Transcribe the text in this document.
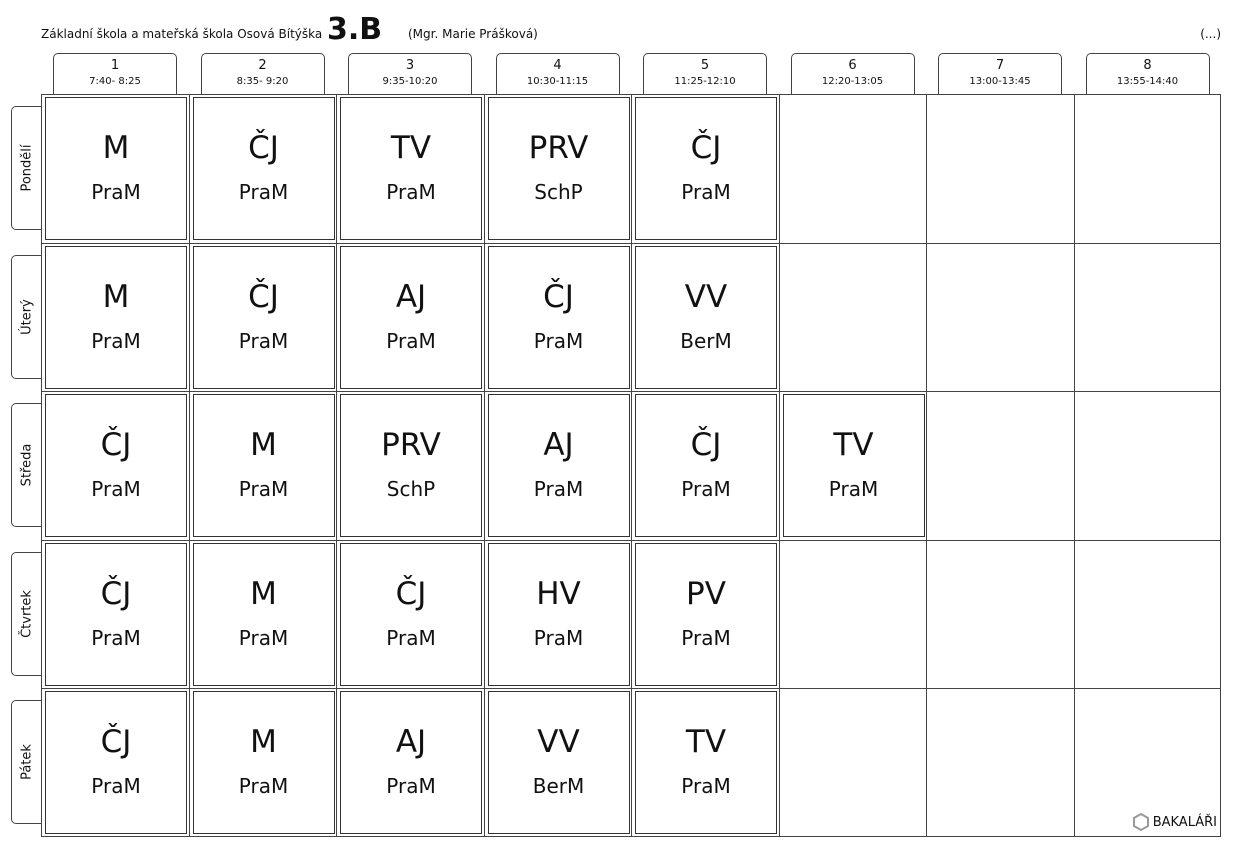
Základní škola a mateřská škola Osová Bítýška 3.B (Mgr. Marie Prášková)	(...)
1
7:40- 8:25
2
8:35- 9:20
3
9:35-10:20
4
10:30-11:15
5
11:25-12:10
6
12:20-13:05
7
13:00-13:45
8
13:55-14:40
Pondělí
Úterý
Středa
Čtvrtek
Pátek
M
PraM
ČJ
PraM
TV
PraM
PRV
SchP
ČJ
PraM
M
PraM
ČJ
PraM
AJ
PraM
ČJ
PraM
VV
BerM
ČJ
PraM
M
PraM
PRV
SchP
AJ
PraM
ČJ
PraM
TV
PraM
ČJ
PraM
M
PraM
ČJ
PraM
HV
PraM
PV
PraM
ČJ
PraM
M
PraM
AJ
PraM
VV
BerM
TV
PraM
BAKALÁŘI
